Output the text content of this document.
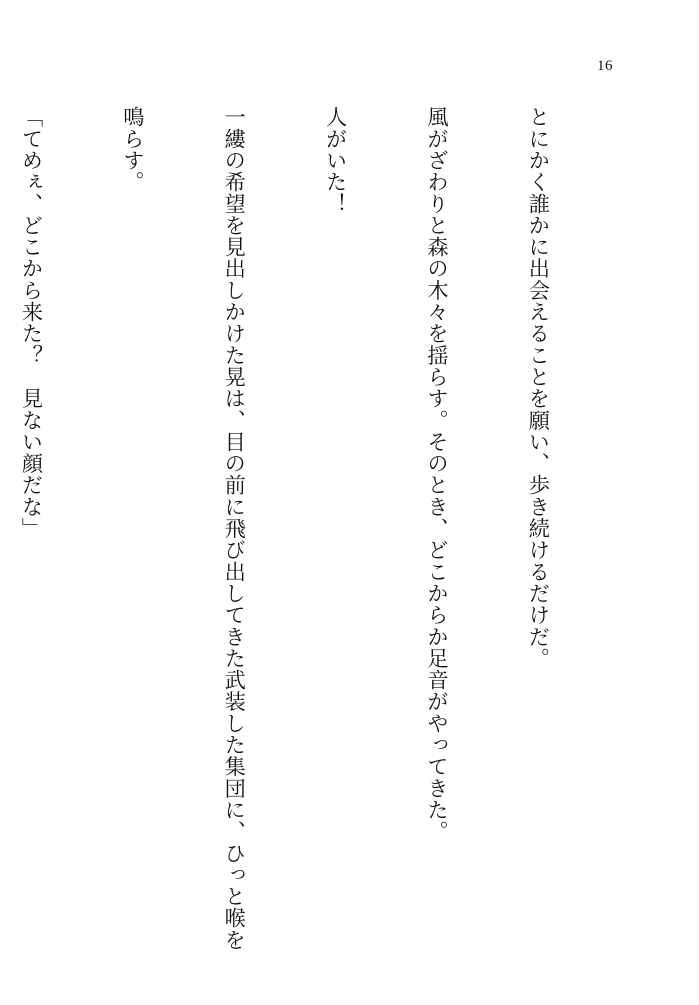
16

とにかく誰かに出会えることを願い、歩き続けるだけだ。

風がざわりと森の木々を揺らす。そのとき、どこからか足音がやってきた。

人がいた！

一縷の希望を見出しかけた晃は、目の前に飛び出してきた武装した集団に、ひっと喉を

鳴らす。

「てめぇ、どこから来た？　見ない顔だな」
